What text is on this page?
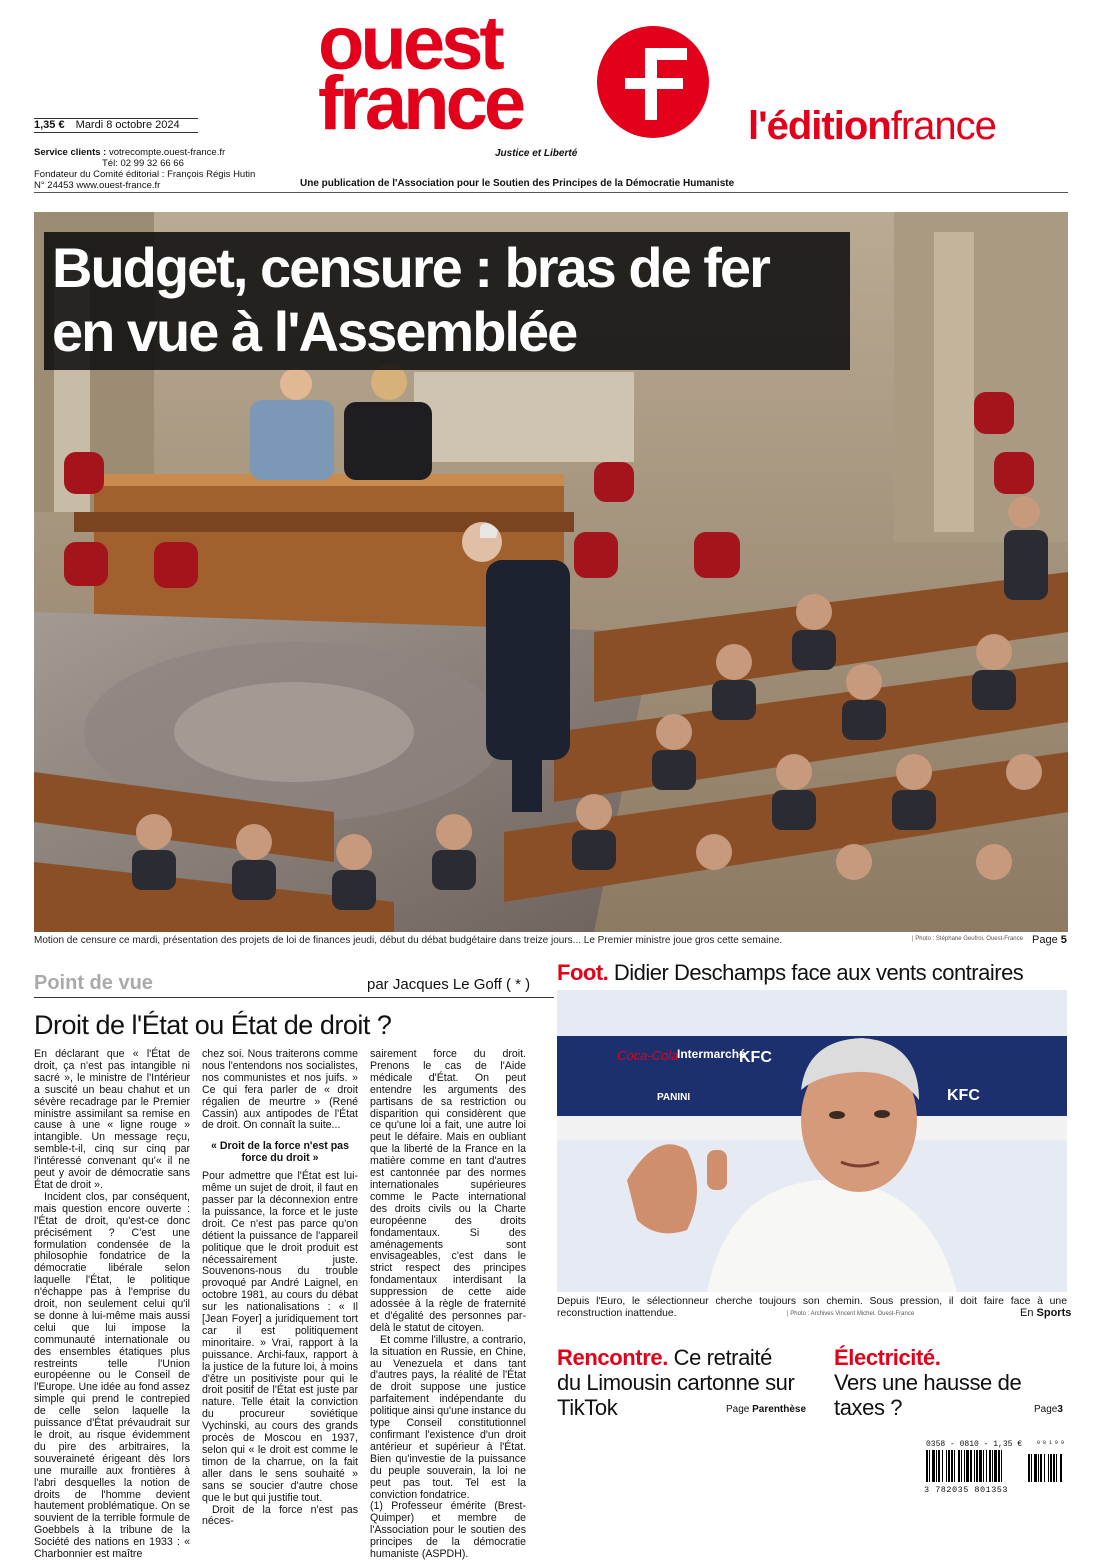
ouest
france
Justice et Liberté
l'éditionfrance
1,35 € Mardi 8 octobre 2024
Service clients : votrecompte.ouest-france.fr
Tél: 02 99 32 66 66
Fondateur du Comité éditorial : François Régis Hutin
N° 24453 www.ouest-france.fr	Une publication de l'Association pour le Soutien des Principes de la Démocratie Humaniste
Budget, censure : bras de fer
en vue à l'Assemblée
Motion de censure ce mardi, présentation des projets de loi de finances jeudi, début du débat budgétaire dans treize jours... Le Premier ministre joue gros cette semaine.	| Photo : Stéphane Geufroi, Ouest-France Page 5
Point de vue	par Jacques Le Goff ( * )
Droit de l'État ou État de droit ?

En déclarant que « l'État de droit, ça n'est pas intangible ni sacré », le ministre de l'Intérieur a suscité un beau chahut et un sévère recadrage par le Premier ministre assimilant sa remise en cause à une « ligne rouge » intangible. Un message reçu, semble-t-il, cinq sur cinq par l'intéressé convenant qu'« il ne peut y avoir de démocratie sans État de droit ».

Incident clos, par conséquent, mais question encore ouverte : l'État de droit, qu'est-ce donc précisément ? C'est une formulation condensée de la philosophie fondatrice de la démocratie libérale selon laquelle l'État, le politique n'échappe pas à l'emprise du droit, non seulement celui qu'il se donne à lui-même mais aussi celui que lui impose la communauté internationale ou des ensembles étatiques plus restreints telle l'Union européenne ou le Conseil de l'Europe. Une idée au fond assez simple qui prend le contrepied de celle selon laquelle la puissance d'État prévaudrait sur le droit, au risque évidemment du pire des arbitraires, la souveraineté érigeant dès lors une muraille aux frontières à l'abri desquelles la notion de droits de l'homme devient hautement problématique. On se souvient de la terrible formule de Goebbels à la tribune de la Société des nations en 1933 : « Charbonnier est maître

chez soi. Nous traiterons comme nous l'entendons nos socialistes, nos communistes et nos juifs. » Ce qui fera parler de « droit régalien de meurtre » (René Cassin) aux antipodes de l'État de droit. On connaît la suite...

« Droit de la force n'est pas force du droit »

Pour admettre que l'État est lui-même un sujet de droit, il faut en passer par la déconnexion entre la puissance, la force et le juste droit. Ce n'est pas parce qu'on détient la puissance de l'appareil politique que le droit produit est nécessairement juste. Souvenons-nous du trouble provoqué par André Laignel, en octobre 1981, au cours du débat sur les nationalisations : « Il [Jean Foyer] a juridiquement tort car il est politiquement minoritaire. » Vrai, rapport à la puissance. Archi-faux, rapport à la justice de la future loi, à moins d'être un positiviste pour qui le droit positif de l'État est juste par nature. Telle était la conviction du procureur soviétique Vychinski, au cours des grands procès de Moscou en 1937, selon qui « le droit est comme le timon de la charrue, on la fait aller dans le sens souhaité » sans se soucier d'autre chose que le but qui justifie tout.

Droit de la force n'est pas néces-

sairement force du droit. Prenons le cas de l'Aide médicale d'État. On peut entendre les arguments des partisans de sa restriction ou disparition qui considèrent que ce qu'une loi a fait, une autre loi peut le défaire. Mais en oubliant que la liberté de la France en la matière comme en tant d'autres est cantonnée par des normes internationales supérieures comme le Pacte international des droits civils ou la Charte européenne des droits fondamentaux. Si des aménagements sont envisageables, c'est dans le strict respect des principes fondamentaux interdisant la suppression de cette aide adossée à la règle de fraternité et d'égalité des personnes par-delà le statut de citoyen.

Et comme l'illustre, a contrario, la situation en Russie, en Chine, au Venezuela et dans tant d'autres pays, la réalité de l'État de droit suppose une justice parfaitement indépendante du politique ainsi qu'une instance du type Conseil constitutionnel confirmant l'existence d'un droit antérieur et supérieur à l'État. Bien qu'investie de la puissance du peuple souverain, la loi ne peut pas tout. Tel est la conviction fondatrice.

(1) Professeur émérite (Brest-Quimper) et membre de l'Association pour le soutien des principes de la démocratie humaniste (ASPDH).

Foot. Didier Deschamps face aux vents contraires
Coca-Cola	KFC
Intermarché
PANINI	KFC
Depuis l'Euro, le sélectionneur cherche toujours son chemin. Sous pression, il doit faire face à une reconstruction inattendue.	| Photo : Archives Vincent Michel, Ouest-France	En Sports
Rencontre. Ce retraité du Limousin cartonne sur TikTok	Page Parenthèse
Électricité.
Vers une hausse de taxes ?	Page3
0358 - 0810 - 1,35 €	0 8 1 0 9
3 782035 801353
